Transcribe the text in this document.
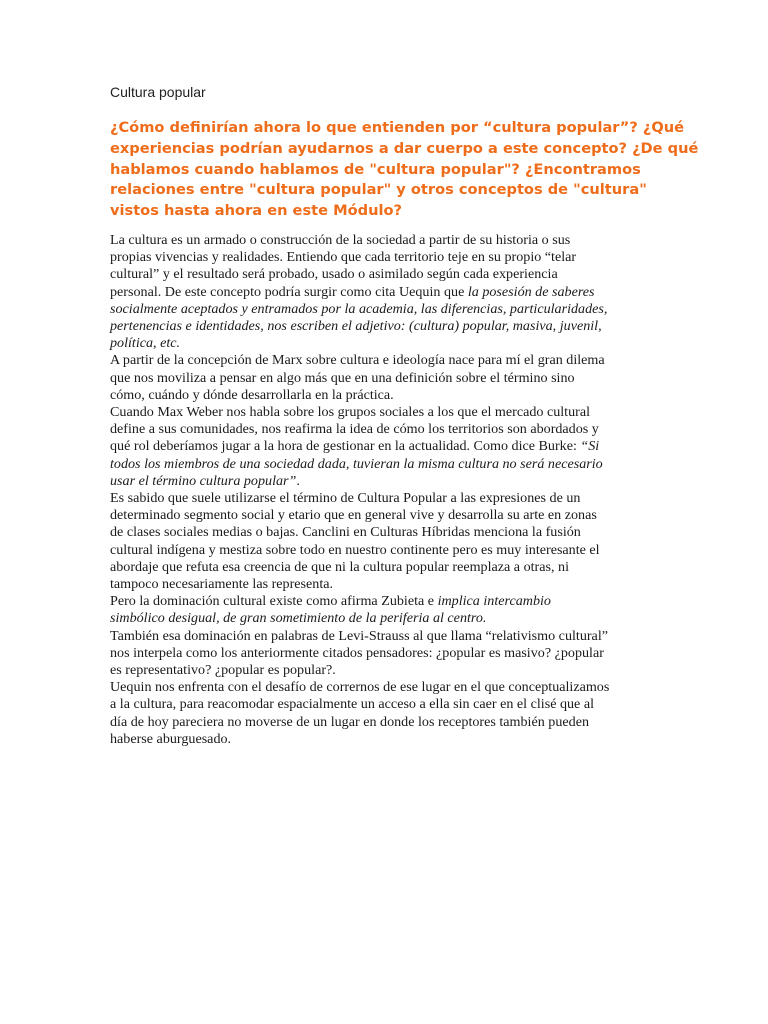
Cultura popular
¿Cómo definirían ahora lo que entienden por “cultura popular”? ¿Qué
experiencias podrían ayudarnos a dar cuerpo a este concepto? ¿De qué
hablamos cuando hablamos de "cultura popular"? ¿Encontramos
relaciones entre "cultura popular" y otros conceptos de "cultura"
vistos hasta ahora en este Módulo?
La cultura es un armado o construcción de la sociedad a partir de su historia o sus
propias vivencias y realidades. Entiendo que cada territorio teje en su propio “telar
cultural” y el resultado será probado, usado o asimilado según cada experiencia
personal. De este concepto podría surgir como cita Uequin que la posesión de saberes
socialmente aceptados y entramados por la academia, las diferencias, particularidades,
pertenencias e identidades, nos escriben el adjetivo: (cultura) popular, masiva, juvenil,
política, etc.
A partir de la concepción de Marx sobre cultura e ideología nace para mí el gran dilema
que nos moviliza a pensar en algo más que en una definición sobre el término sino
cómo, cuándo y dónde desarrollarla en la práctica.
Cuando Max Weber nos habla sobre los grupos sociales a los que el mercado cultural
define a sus comunidades, nos reafirma la idea de cómo los territorios son abordados y
qué rol deberíamos jugar a la hora de gestionar en la actualidad. Como dice Burke: “Si
todos los miembros de una sociedad dada, tuvieran la misma cultura no será necesario
usar el término cultura popular”.
Es sabido que suele utilizarse el término de Cultura Popular a las expresiones de un
determinado segmento social y etario que en general vive y desarrolla su arte en zonas
de clases sociales medias o bajas. Canclini en Culturas Híbridas menciona la fusión
cultural indígena y mestiza sobre todo en nuestro continente pero es muy interesante el
abordaje que refuta esa creencia de que ni la cultura popular reemplaza a otras, ni
tampoco necesariamente las representa.
Pero la dominación cultural existe como afirma Zubieta e implica intercambio
simbólico desigual, de gran sometimiento de la periferia al centro.
También esa dominación en palabras de Levi-Strauss al que llama “relativismo cultural”
nos interpela como los anteriormente citados pensadores: ¿popular es masivo? ¿popular
es representativo? ¿popular es popular?.
Uequin nos enfrenta con el desafío de corrernos de ese lugar en el que conceptualizamos
a la cultura, para reacomodar espacialmente un acceso a ella sin caer en el clisé que al
día de hoy pareciera no moverse de un lugar en donde los receptores también pueden
haberse aburguesado.
